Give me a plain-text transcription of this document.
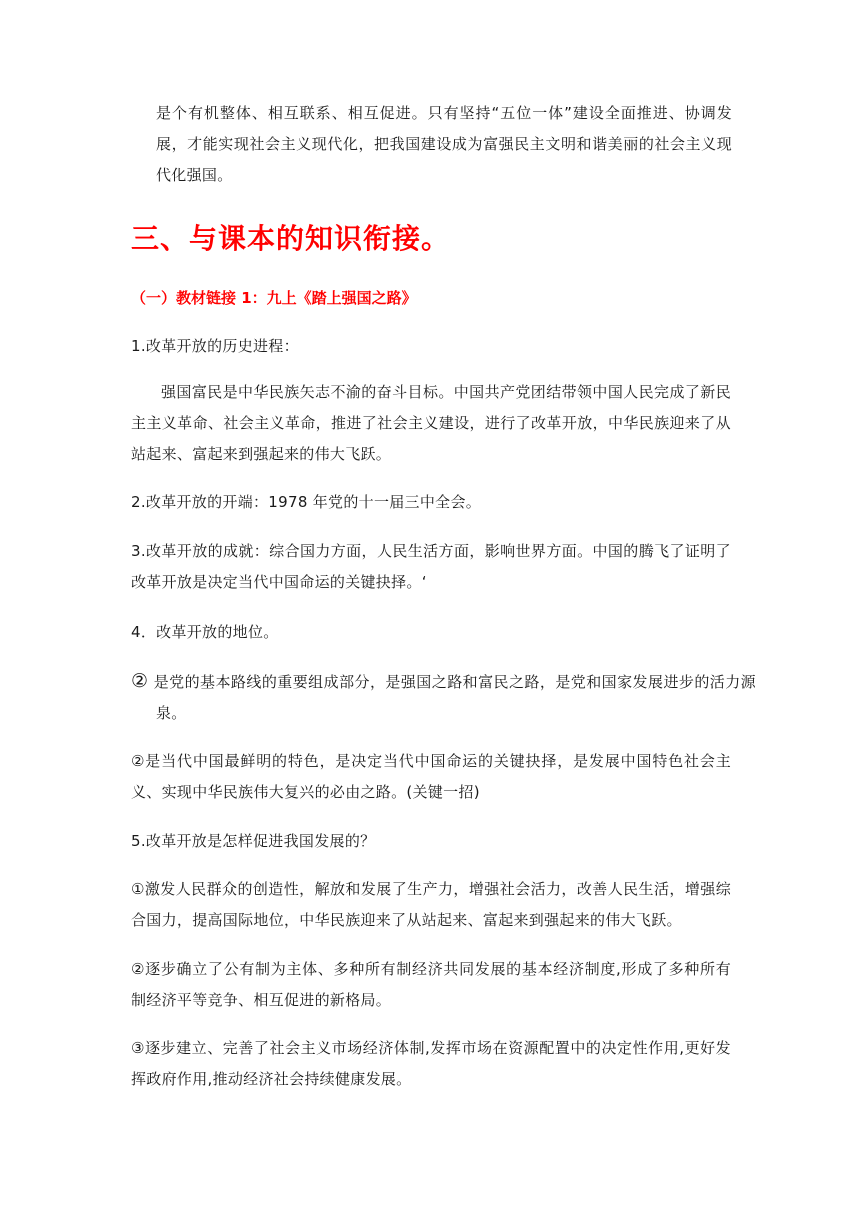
是个有机整体、相互联系、相互促进。只有坚持“五位一体”建设全面推进、协调发展，才能实现社会主义现代化，把我国建设成为富强民主文明和谐美丽的社会主义现代化强国。

三、与课本的知识衔接。
（一）教材链接 1：九上《踏上强国之路》

1.改革开放的历史进程：

强国富民是中华民族矢志不渝的奋斗目标。中国共产党团结带领中国人民完成了新民主主义革命、社会主义革命，推进了社会主义建设，进行了改革开放，中华民族迎来了从站起来、富起来到强起来的伟大飞跃。

2.改革开放的开端：1978 年党的十一届三中全会。

3.改革开放的成就：综合国力方面，人民生活方面，影响世界方面。中国的腾飞了证明了改革开放是决定当代中国命运的关键抉择。‘

4．改革开放的地位。

② 是党的基本路线的重要组成部分，是强国之路和富民之路，是党和国家发展进步的活力源泉。

②是当代中国最鲜明的特色，是决定当代中国命运的关键抉择，是发展中国特色社会主义、实现中华民族伟大复兴的必由之路。(关键一招)

5.改革开放是怎样促进我国发展的？

①激发人民群众的创造性，解放和发展了生产力，增强社会活力，改善人民生活，增强综合国力，提高国际地位，中华民族迎来了从站起来、富起来到强起来的伟大飞跃。

②逐步确立了公有制为主体、多种所有制经济共同发展的基本经济制度,形成了多种所有制经济平等竞争、相互促进的新格局。

③逐步建立、完善了社会主义市场经济体制,发挥市场在资源配置中的决定性作用,更好发挥政府作用,推动经济社会持续健康发展。
